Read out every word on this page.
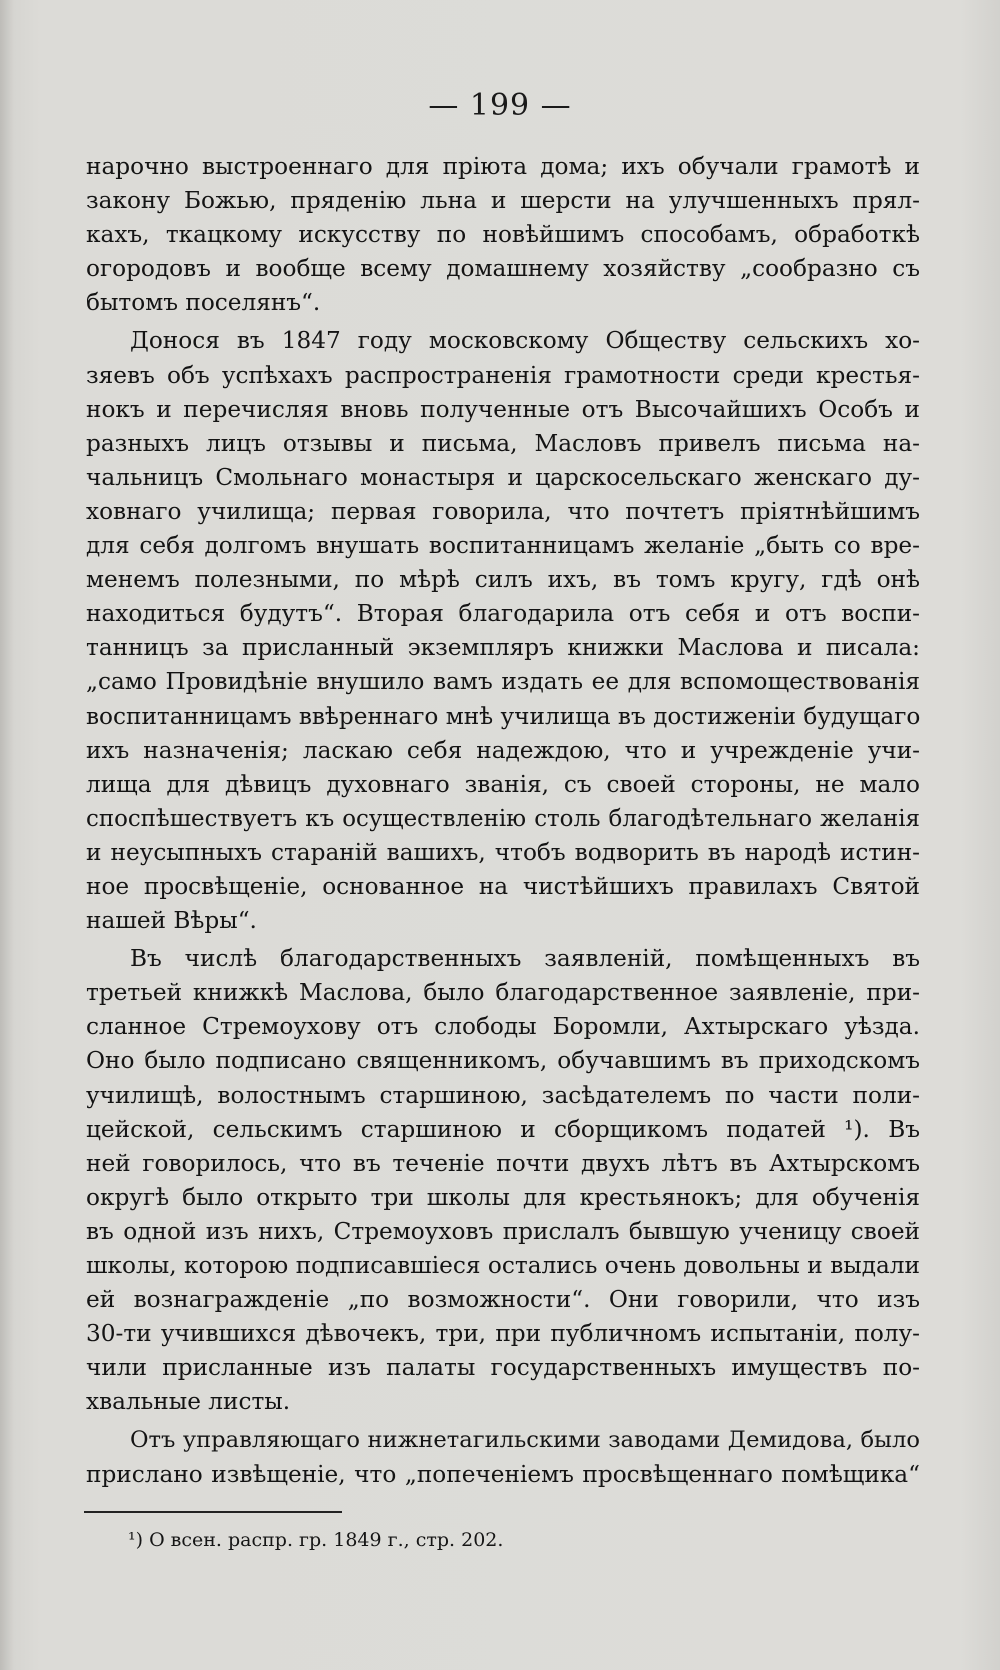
— 199 —
нарочно выстроеннаго для прiюта дома; ихъ обучали грамотѣ и
закону Божью, пряденiю льна и шерсти на улучшенныхъ прял-
кахъ, ткацкому искусству по новѣйшимъ способамъ, обработкѣ
огородовъ и вообще всему домашнему хозяйству „сообразно съ
бытомъ поселянъ“.
Донося въ 1847 году московскому Обществу сельскихъ хо-
зяевъ объ успѣхахъ распространенiя грамотности среди крестья-
нокъ и перечисляя вновь полученные отъ Высочайшихъ Особъ и
разныхъ лицъ отзывы и письма, Масловъ привелъ письма на-
чальницъ Смольнаго монастыря и царскосельскаго женскаго ду-
ховнаго училища; первая говорила, что почтетъ прiятнѣйшимъ
для себя долгомъ внушать воспитанницамъ желанiе „быть со вре-
менемъ полезными, по мѣрѣ силъ ихъ, въ томъ кругу, гдѣ онѣ
находиться будутъ“. Вторая благодарила отъ себя и отъ воспи-
танницъ за присланный экземпляръ книжки Маслова и писала:
„само Провидѣнiе внушило вамъ издать ее для вспомоществованiя
воспитанницамъ ввѣреннаго мнѣ училища въ достиженiи будущаго
ихъ назначенiя; ласкаю себя надеждою, что и учрежденiе учи-
лища для дѣвицъ духовнаго званiя, съ своей стороны, не мало
споспѣшествуетъ къ осуществленiю столь благодѣтельнаго желанiя
и неусыпныхъ старанiй вашихъ, чтобъ водворить въ народѣ истин-
ное просвѣщенiе, основанное на чистѣйшихъ правилахъ Святой
нашей Вѣры“.
Въ числѣ благодарственныхъ заявленiй, помѣщенныхъ въ
третьей книжкѣ Маслова, было благодарственное заявленiе, при-
сланное Стремоухову отъ слободы Боромли, Ахтырскаго уѣзда.
Оно было подписано священникомъ, обучавшимъ въ приходскомъ
училищѣ, волостнымъ старшиною, засѣдателемъ по части поли-
цейской, сельскимъ старшиною и сборщикомъ податей ¹). Въ
ней говорилось, что въ теченiе почти двухъ лѣтъ въ Ахтырскомъ
округѣ было открыто три школы для крестьянокъ; для обученiя
въ одной изъ нихъ, Стремоуховъ прислалъ бывшую ученицу своей
школы, которою подписавшiеся остались очень довольны и выдали
ей вознагражденiе „по возможности“. Они говорили, что изъ
30-ти учившихся дѣвочекъ, три, при публичномъ испытанiи, полу-
чили присланные изъ палаты государственныхъ имуществъ по-
хвальные листы.
Отъ управляющаго нижнетагильскими заводами Демидова, было
прислано извѣщенiе, что „попеченiемъ просвѣщеннаго помѣщика“
¹) О всен. распр. гр. 1849 г., стр. 202.
